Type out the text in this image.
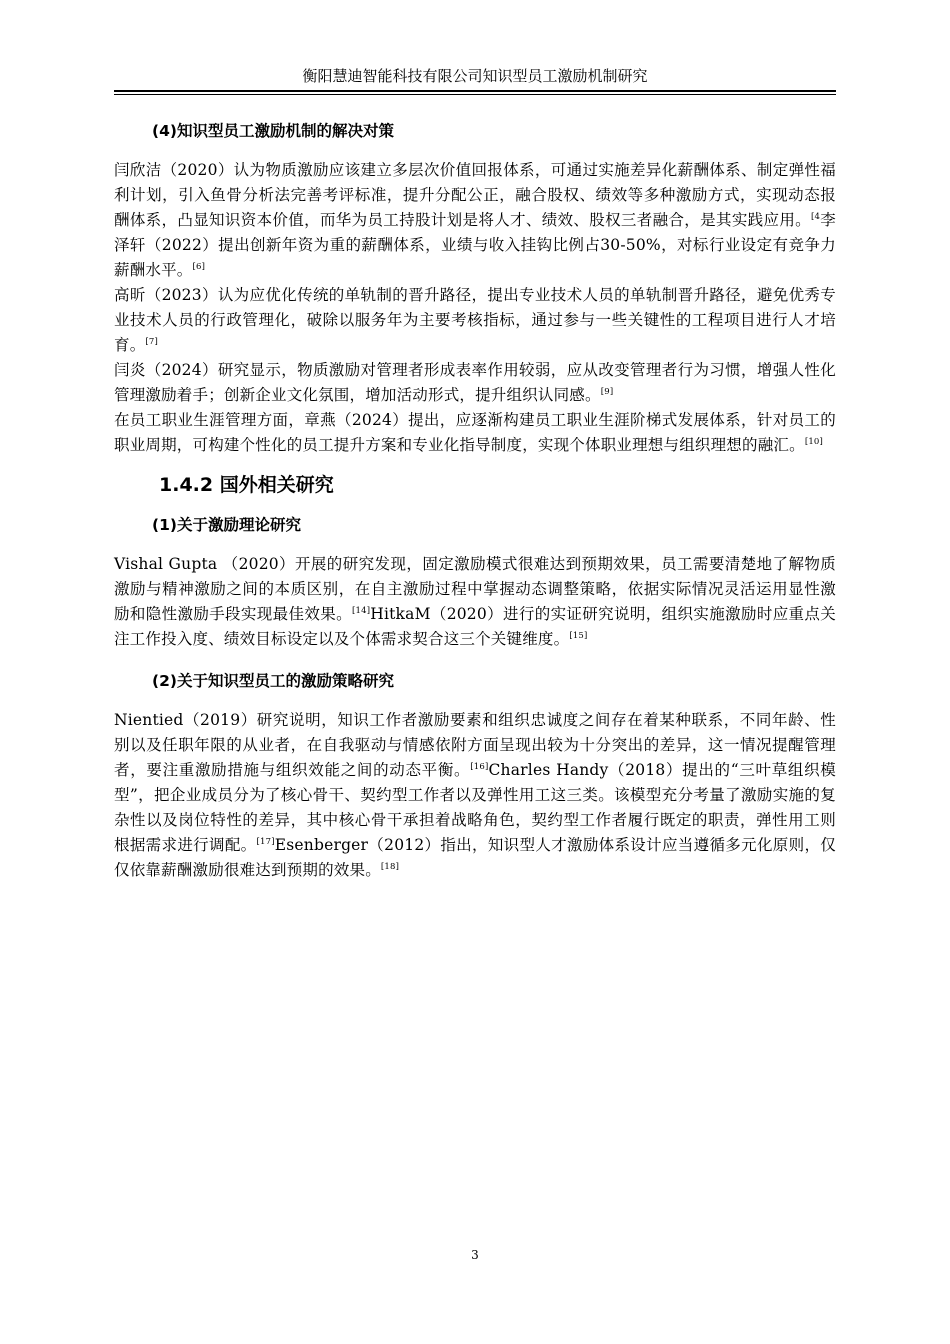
衡阳慧迪智能科技有限公司知识型员工激励机制研究
(4)知识型员工激励机制的解决对策

闫欣洁（2020）认为物质激励应该建立多层次价值回报体系，可通过实施差异化薪酬体系、制定弹性福利计划，引入鱼骨分析法完善考评标准，提升分配公正，融合股权、绩效等多种激励方式，实现动态报酬体系，凸显知识资本价值，而华为员工持股计划是将人才、绩效、股权三者融合，是其实践应用。$^{[4}$李泽轩（2022）提出创新年资为重的薪酬体系，业绩与收入挂钩比例占30-50%，对标行业设定有竞争力薪酬水平。[6]

高昕（2023）认为应优化传统的单轨制的晋升路径，提出专业技术人员的单轨制晋升路径，避免优秀专业技术人员的行政管理化，破除以服务年为主要考核指标，通过参与一些关键性的工程项目进行人才培育。[7]

闫炎（2024）研究显示，物质激励对管理者形成表率作用较弱，应从改变管理者行为习惯，增强人性化管理激励着手；创新企业文化氛围，增加活动形式，提升组织认同感。[9]

在员工职业生涯管理方面，章燕（2024）提出，应逐渐构建员工职业生涯阶梯式发展体系，针对员工的职业周期，可构建个性化的员工提升方案和专业化指导制度，实现个体职业理想与组织理想的融汇。[10]

1.4.2 国外相关研究
(1)关于激励理论研究

Vishal Gupta （2020）开展的研究发现，固定激励模式很难达到预期效果，员工需要清楚地了解物质激励与精神激励之间的本质区别，在自主激励过程中掌握动态调整策略，依据实际情况灵活运用显性激励和隐性激励手段实现最佳效果。[14]HitkaM（2020）进行的实证研究说明，组织实施激励时应重点关注工作投入度、绩效目标设定以及个体需求契合这三个关键维度。[15]

(2)关于知识型员工的激励策略研究

Nientied（2019）研究说明，知识工作者激励要素和组织忠诚度之间存在着某种联系，不同年龄、性别以及任职年限的从业者，在自我驱动与情感依附方面呈现出较为十分突出的差异，这一情况提醒管理者，要注重激励措施与组织效能之间的动态平衡。[16]Charles Handy（2018）提出的“三叶草组织模型”，把企业成员分为了核心骨干、契约型工作者以及弹性用工这三类。该模型充分考量了激励实施的复杂性以及岗位特性的差异，其中核心骨干承担着战略角色，契约型工作者履行既定的职责，弹性用工则根据需求进行调配。[17]Esenberger（2012）指出，知识型人才激励体系设计应当遵循多元化原则，仅仅依靠薪酬激励很难达到预期的效果。[18]

3
